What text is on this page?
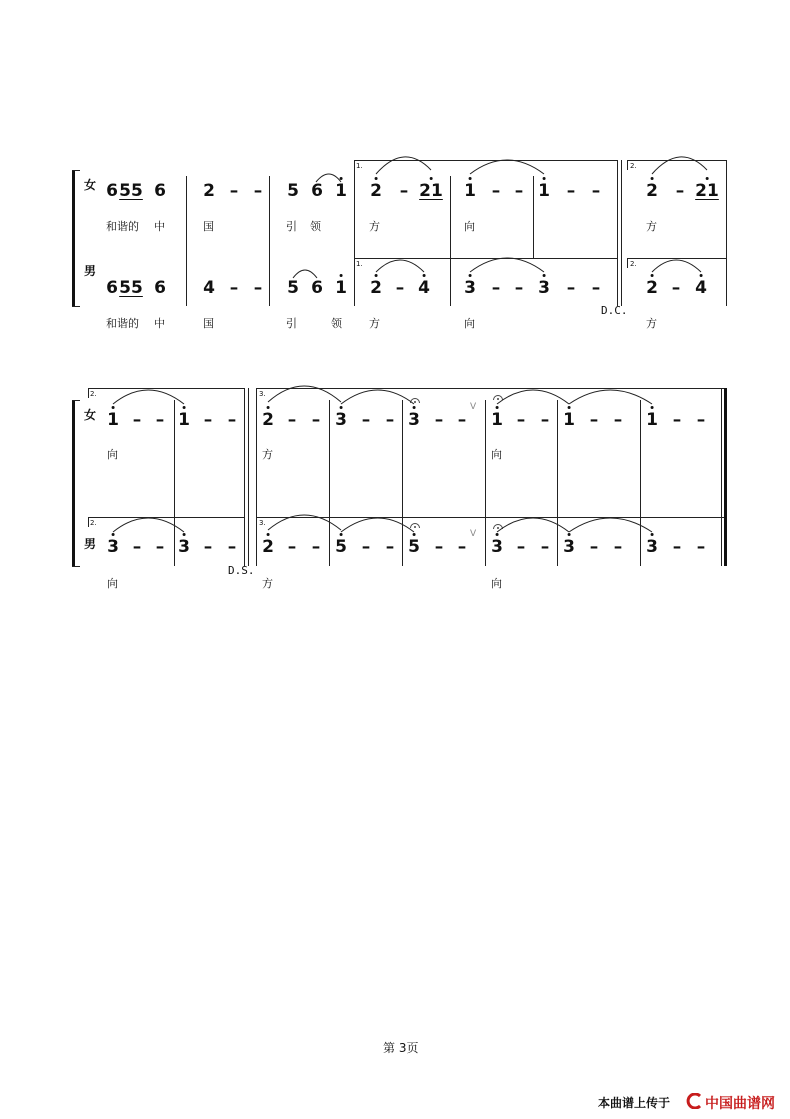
女
男
1.	2.
1.	2.
6 55 6 2 – – 5 6 1 2 – 21 1 – – 1 – –	2 – 21
和谐的 中	国	引 领	方	向	方
6 55 6 4 – – 5 6 1 2 – 4 3 – – 3 – –	2 – 4
D.C.
和谐的 中	国	引	领 方	向	方
女
男
2.	3.
2.	3.
V
V
1 – – 1 – – 2 – – 3 – – 3 – – 1 – – 1 – – 1 – –
向	方	向
3 – – 3 – – 2 – – 5 – – 5 – – 3 – – 3 – – 3 – –
D.S.
向	方	向
第 3页
本曲谱上传于 中国曲谱网
